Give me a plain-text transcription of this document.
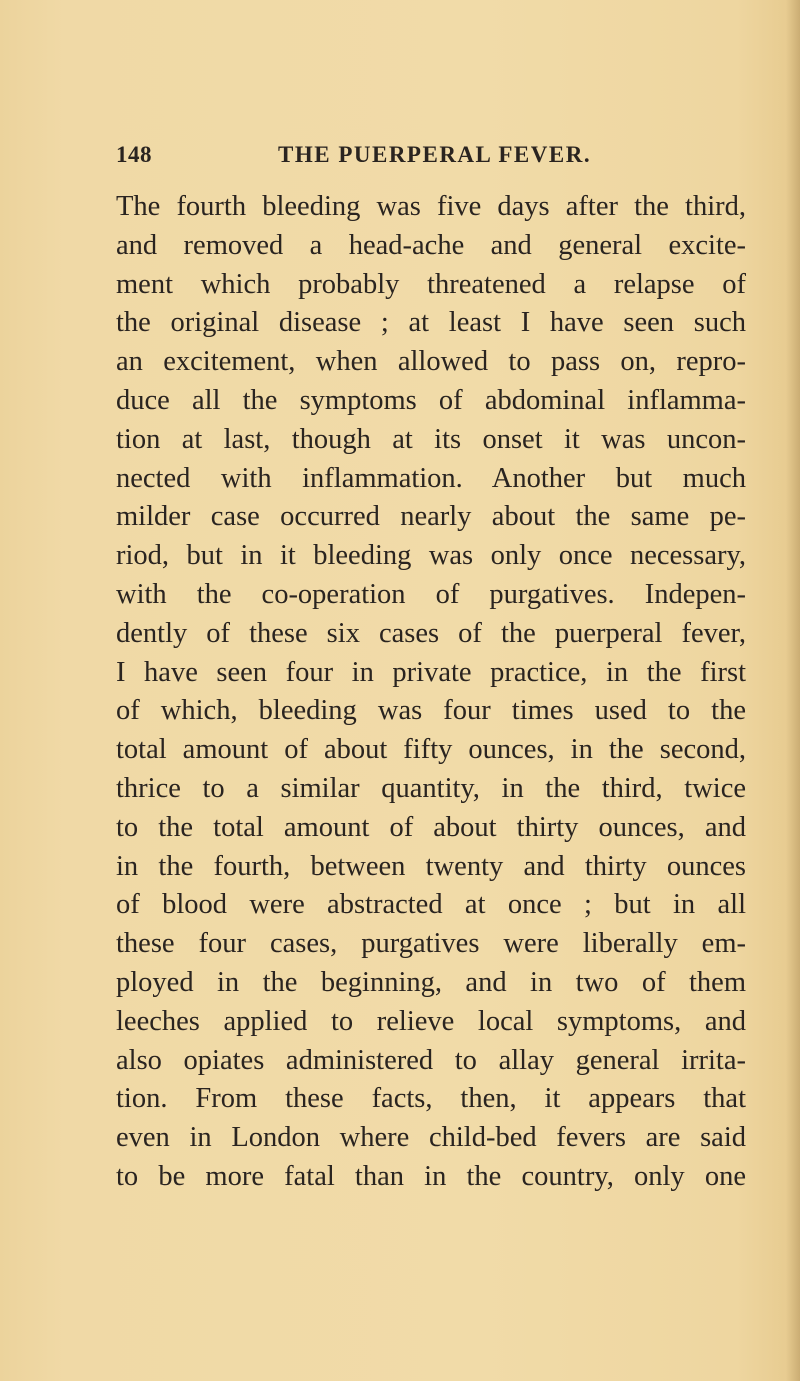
148	THE PUERPERAL FEVER.
The fourth bleeding was five days after the third,
and removed a head-ache and general excite-
ment which probably threatened a relapse of
the original disease ; at least I have seen such
an excitement, when allowed to pass on, repro-
duce all the symptoms of abdominal inflamma-
tion at last, though at its onset it was uncon-
nected with inflammation. Another but much
milder case occurred nearly about the same pe-
riod, but in it bleeding was only once necessary,
with the co-operation of purgatives. Indepen-
dently of these six cases of the puerperal fever,
I have seen four in private practice, in the first
of which, bleeding was four times used to the
total amount of about fifty ounces, in the second,
thrice to a similar quantity, in the third, twice
to the total amount of about thirty ounces, and
in the fourth, between twenty and thirty ounces
of blood were abstracted at once ; but in all
these four cases, purgatives were liberally em-
ployed in the beginning, and in two of them
leeches applied to relieve local symptoms, and
also opiates administered to allay general irrita-
tion. From these facts, then, it appears that
even in London where child-bed fevers are said
to be more fatal than in the country, only one
